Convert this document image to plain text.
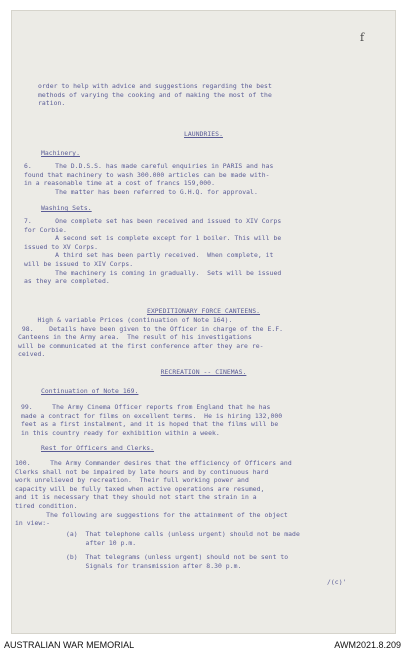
f
order to help with advice and suggestions regarding the best
methods of varying the cooking and of making the most of the
ration.
LAUNDRIES.
Machinery.
6.      The D.D.S.S. has made careful enquiries in PARIS and has
found that machinery to wash 300.000 articles can be made with-
in a reasonable time at a cost of francs 159,000.
The matter has been referred to G.H.Q. for approval.
Washing Sets.
7.      One complete set has been received and issued to XIV Corps
for Corbie.
A second set is complete except for 1 boiler. This will be
issued to XV Corps.
A third set has been partly received.  When complete, it
will be issued to XIV Corps.
The machinery is coming in gradually.  Sets will be issued
as they are completed.
EXPEDITIONARY FORCE CANTEENS.
High & variable Prices (continuation of Note 164).
98.    Details have been given to the Officer in charge of the E.F.
Canteens in the Army area.  The result of his investigations
will be communicated at the first conference after they are re-
ceived.
RECREATION -- CINEMAS.
Continuation of Note 169.
99.     The Army Cinema Officer reports from England that he has
made a contract for films on excellent terms.  He is hiring 132,000
feet as a first instalment, and it is hoped that the films will be
in this country ready for exhibition within a week.
Rest for Officers and Clerks.
100.     The Army Commander desires that the efficiency of Officers and
Clerks shall not be impaired by late hours and by continuous hard
work unrelieved by recreation.  Their full working power and
capacity will be fully taxed when active operations are resumed,
and it is necessary that they should not start the strain in a
tired condition.
The following are suggestions for the attainment of the object
in view:-
(a)  That telephone calls (unless urgent) should not be made
after 10 p.m.
(b)  That telegrams (unless urgent) should not be sent to
Signals for transmission after 8.30 p.m.
/(c)'
AUSTRALIAN WAR MEMORIAL	AWM2021.8.209
